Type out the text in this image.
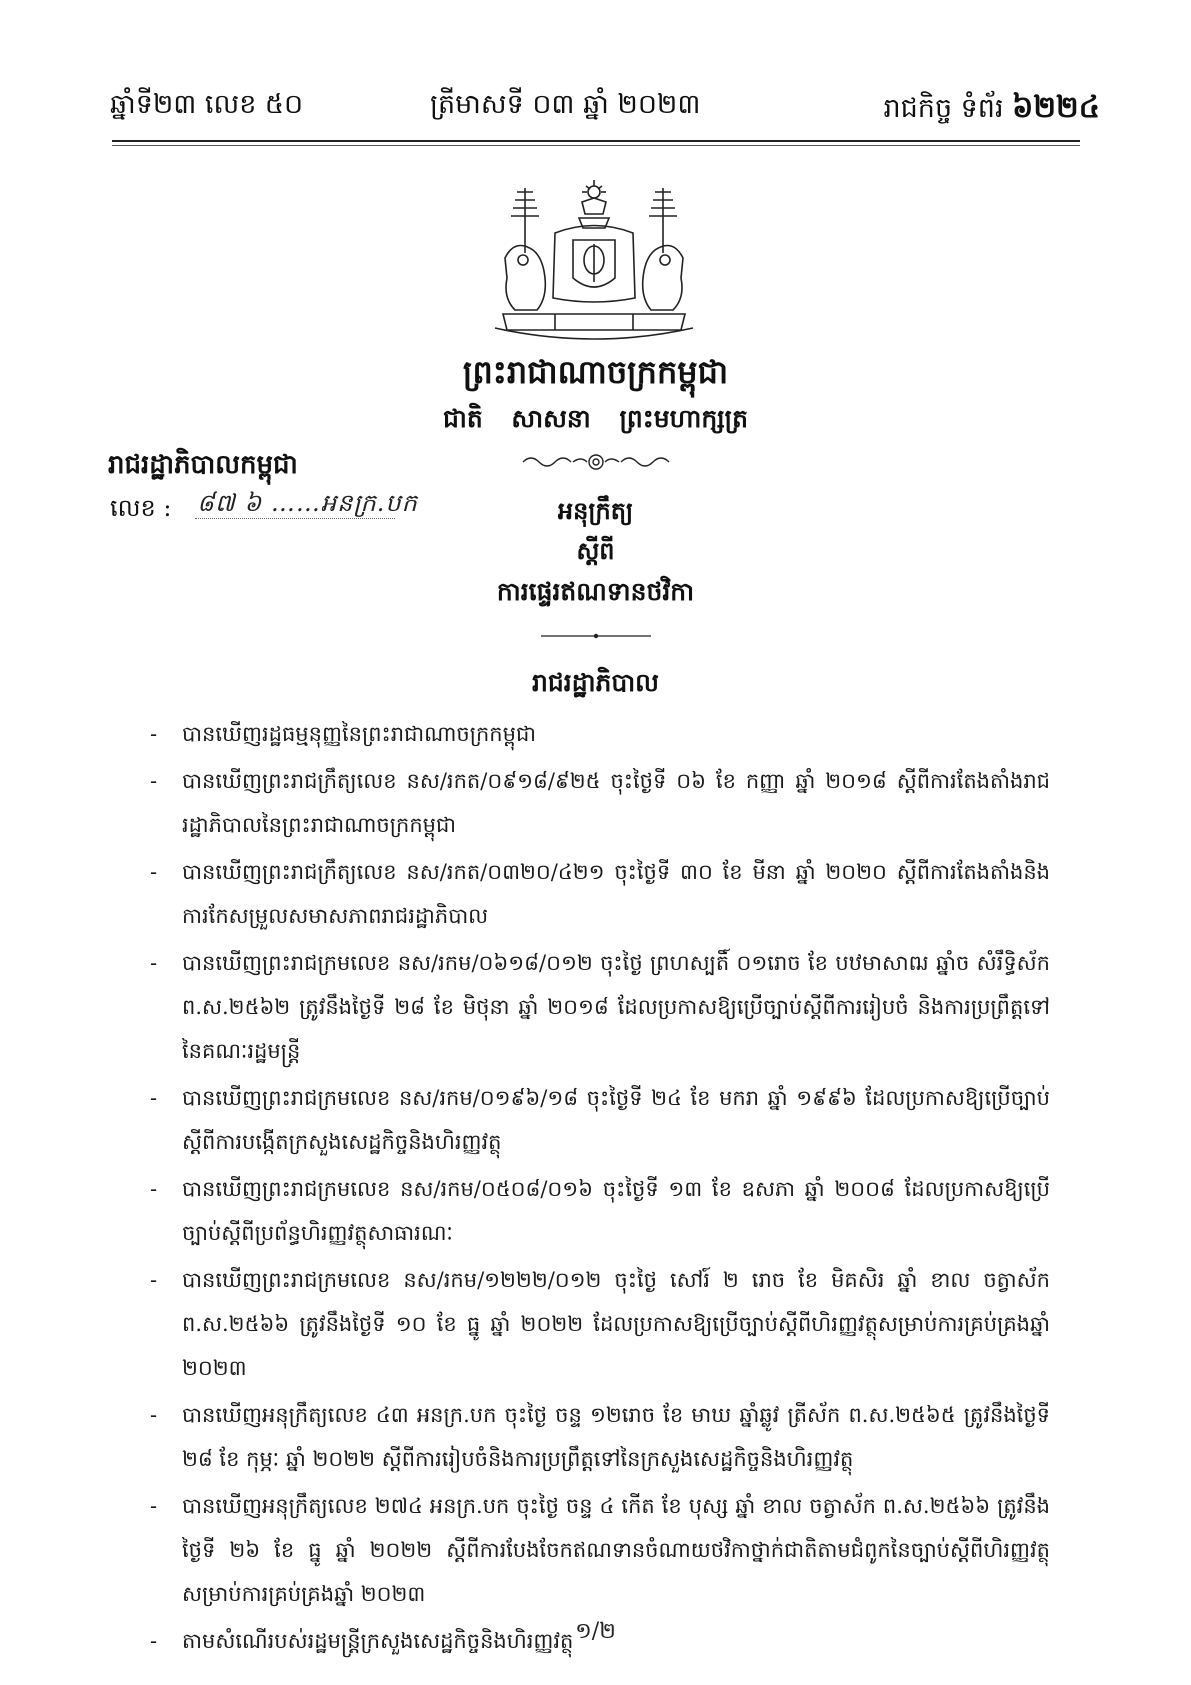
ឆ្នាំទី២៣ លេខ ៥០	ត្រីមាសទី ០៣ ឆ្នាំ ២០២៣	រាជកិច្ច ទំព័រ ៦២២៤
ព្រះរាជាណាចក្រកម្ពុជា
ជាតិ សាសនា ព្រះមហាក្សត្រ
រាជរដ្ឋាភិបាលកម្ពុជា
លេខ : ៨៧ ៦ ……អនក្រ.បក	អនុក្រឹត្យ
ស្តីពី
ការផ្ទេរឥណទានថវិកា
រាជរដ្ឋាភិបាល
-	បានឃើញរដ្ឋធម្មនុញ្ញនៃព្រះរាជាណាចក្រកម្ពុជា
-	បានឃើញព្រះរាជក្រឹត្យលេខ នស/រកត/០៩១៨/៩២៥ ចុះថ្ងៃទី ០៦ ខែ កញ្ញា ឆ្នាំ ២០១៨ ស្តីពីការតែងតាំងរាជរដ្ឋាភិបាលនៃព្រះរាជាណាចក្រកម្ពុជា
-	បានឃើញព្រះរាជក្រឹត្យលេខ នស/រកត/០៣២០/៤២១ ចុះថ្ងៃទី ៣០ ខែ មីនា ឆ្នាំ ២០២០ ស្តីពីការតែងតាំងនិងការកែសម្រួលសមាសភាពរាជរដ្ឋាភិបាល
-	បានឃើញព្រះរាជក្រមលេខ នស/រកម/០៦១៨/០១២ ចុះថ្ងៃ ព្រហស្បតិ៍ ០១រោច ខែ បឋមាសាឍ ឆ្នាំច សំរឹទ្ធិស័ក ព.ស.២៥៦២ ត្រូវនឹងថ្ងៃទី ២៨ ខែ មិថុនា ឆ្នាំ ២០១៨ ដែលប្រកាសឱ្យប្រើច្បាប់ស្តីពីការរៀបចំ និងការប្រព្រឹត្តទៅនៃគណៈរដ្ឋមន្ត្រី
-	បានឃើញព្រះរាជក្រមលេខ នស/រកម/០១៩៦/១៨ ចុះថ្ងៃទី ២៤ ខែ មករា ឆ្នាំ ១៩៩៦ ដែលប្រកាសឱ្យប្រើច្បាប់ស្តីពីការបង្កើតក្រសួងសេដ្ឋកិច្ចនិងហិរញ្ញវត្ថុ
-	បានឃើញព្រះរាជក្រមលេខ នស/រកម/០៥០៨/០១៦ ចុះថ្ងៃទី ១៣ ខែ ឧសភា ឆ្នាំ ២០០៨ ដែលប្រកាសឱ្យប្រើច្បាប់ស្តីពីប្រព័ន្ធហិរញ្ញវត្ថុសាធារណៈ
-	បានឃើញព្រះរាជក្រមលេខ នស/រកម/១២២២/០១២ ចុះថ្ងៃ សៅរ៍ ២ រោច ខែ មិគសិរ ឆ្នាំ ខាល ចត្វាស័ក ព.ស.២៥៦៦ ត្រូវនឹងថ្ងៃទី ១០ ខែ ធ្នូ ឆ្នាំ ២០២២ ដែលប្រកាសឱ្យប្រើច្បាប់ស្តីពីហិរញ្ញវត្ថុសម្រាប់ការគ្រប់គ្រងឆ្នាំ ២០២៣
-	បានឃើញអនុក្រឹត្យលេខ ៤៣ អនក្រ.បក ចុះថ្ងៃ ចន្ទ ១២រោច ខែ មាឃ ឆ្នាំឆ្លូវ ត្រីស័ក ព.ស.២៥៦៥ ត្រូវនឹងថ្ងៃទី ២៨ ខែ កុម្ភៈ ឆ្នាំ ២០២២ ស្តីពីការរៀបចំនិងការប្រព្រឹត្តទៅនៃក្រសួងសេដ្ឋកិច្ចនិងហិរញ្ញវត្ថុ
-	បានឃើញអនុក្រឹត្យលេខ ២៧៤ អនក្រ.បក ចុះថ្ងៃ ចន្ទ ៤ កើត ខែ បុស្ស ឆ្នាំ ខាល ចត្វាស័ក ព.ស.២៥៦៦ ត្រូវនឹងថ្ងៃទី ២៦ ខែ ធ្នូ ឆ្នាំ ២០២២ ស្តីពីការបែងចែកឥណទានចំណាយថវិកាថ្នាក់ជាតិតាមជំពូកនៃច្បាប់ស្តីពីហិរញ្ញវត្ថុសម្រាប់ការគ្រប់គ្រងឆ្នាំ ២០២៣
-	តាមសំណើរបស់រដ្ឋមន្ត្រីក្រសួងសេដ្ឋកិច្ចនិងហិរញ្ញវត្ថុ ១/២
